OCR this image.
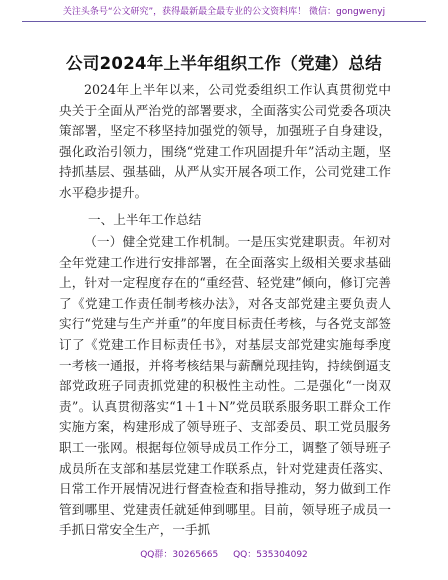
关注头条号“公文研究”，获得最新最全最专业的公文资料库！ 微信：gongwenyj
公司2024年上半年组织工作（党建）总结
2024年上半年以来，公司党委组织工作认真贯彻党中央关于全面从严治党的部署要求，全面落实公司党委各项决策部署，坚定不移坚持加强党的领导，加强班子自身建设，强化政治引领力，围绕“党建工作巩固提升年”活动主题，坚持抓基层、强基础，从严从实开展各项工作，公司党建工作水平稳步提升。
一、上半年工作总结
（一）健全党建工作机制。一是压实党建职责。年初对全年党建工作进行安排部署，在全面落实上级相关要求基础上，针对一定程度存在的“重经营、轻党建”倾向，修订完善了《党建工作责任制考核办法》，对各支部党建主要负责人实行“党建与生产并重”的年度目标责任考核，与各党支部签订了《党建工作目标责任书》，对基层支部党建实施每季度一考核一通报，并将考核结果与薪酬兑现挂钩，持续倒逼支部党政班子同责抓党建的积极性主动性。二是强化“一岗双责”。认真贯彻落实“1＋1＋N”党员联系服务职工群众工作实施方案，构建形成了领导班子、支部委员、职工党员服务职工一张网。根据每位领导成员工作分工，调整了领导班子成员所在支部和基层党建工作联系点，针对党建责任落实、日常工作开展情况进行督查检查和指导推动，努力做到工作管到哪里、党建责任就延伸到哪里。目前，领导班子成员一手抓日常安全生产，一手抓
QQ群：30265665 QQ：535304092
